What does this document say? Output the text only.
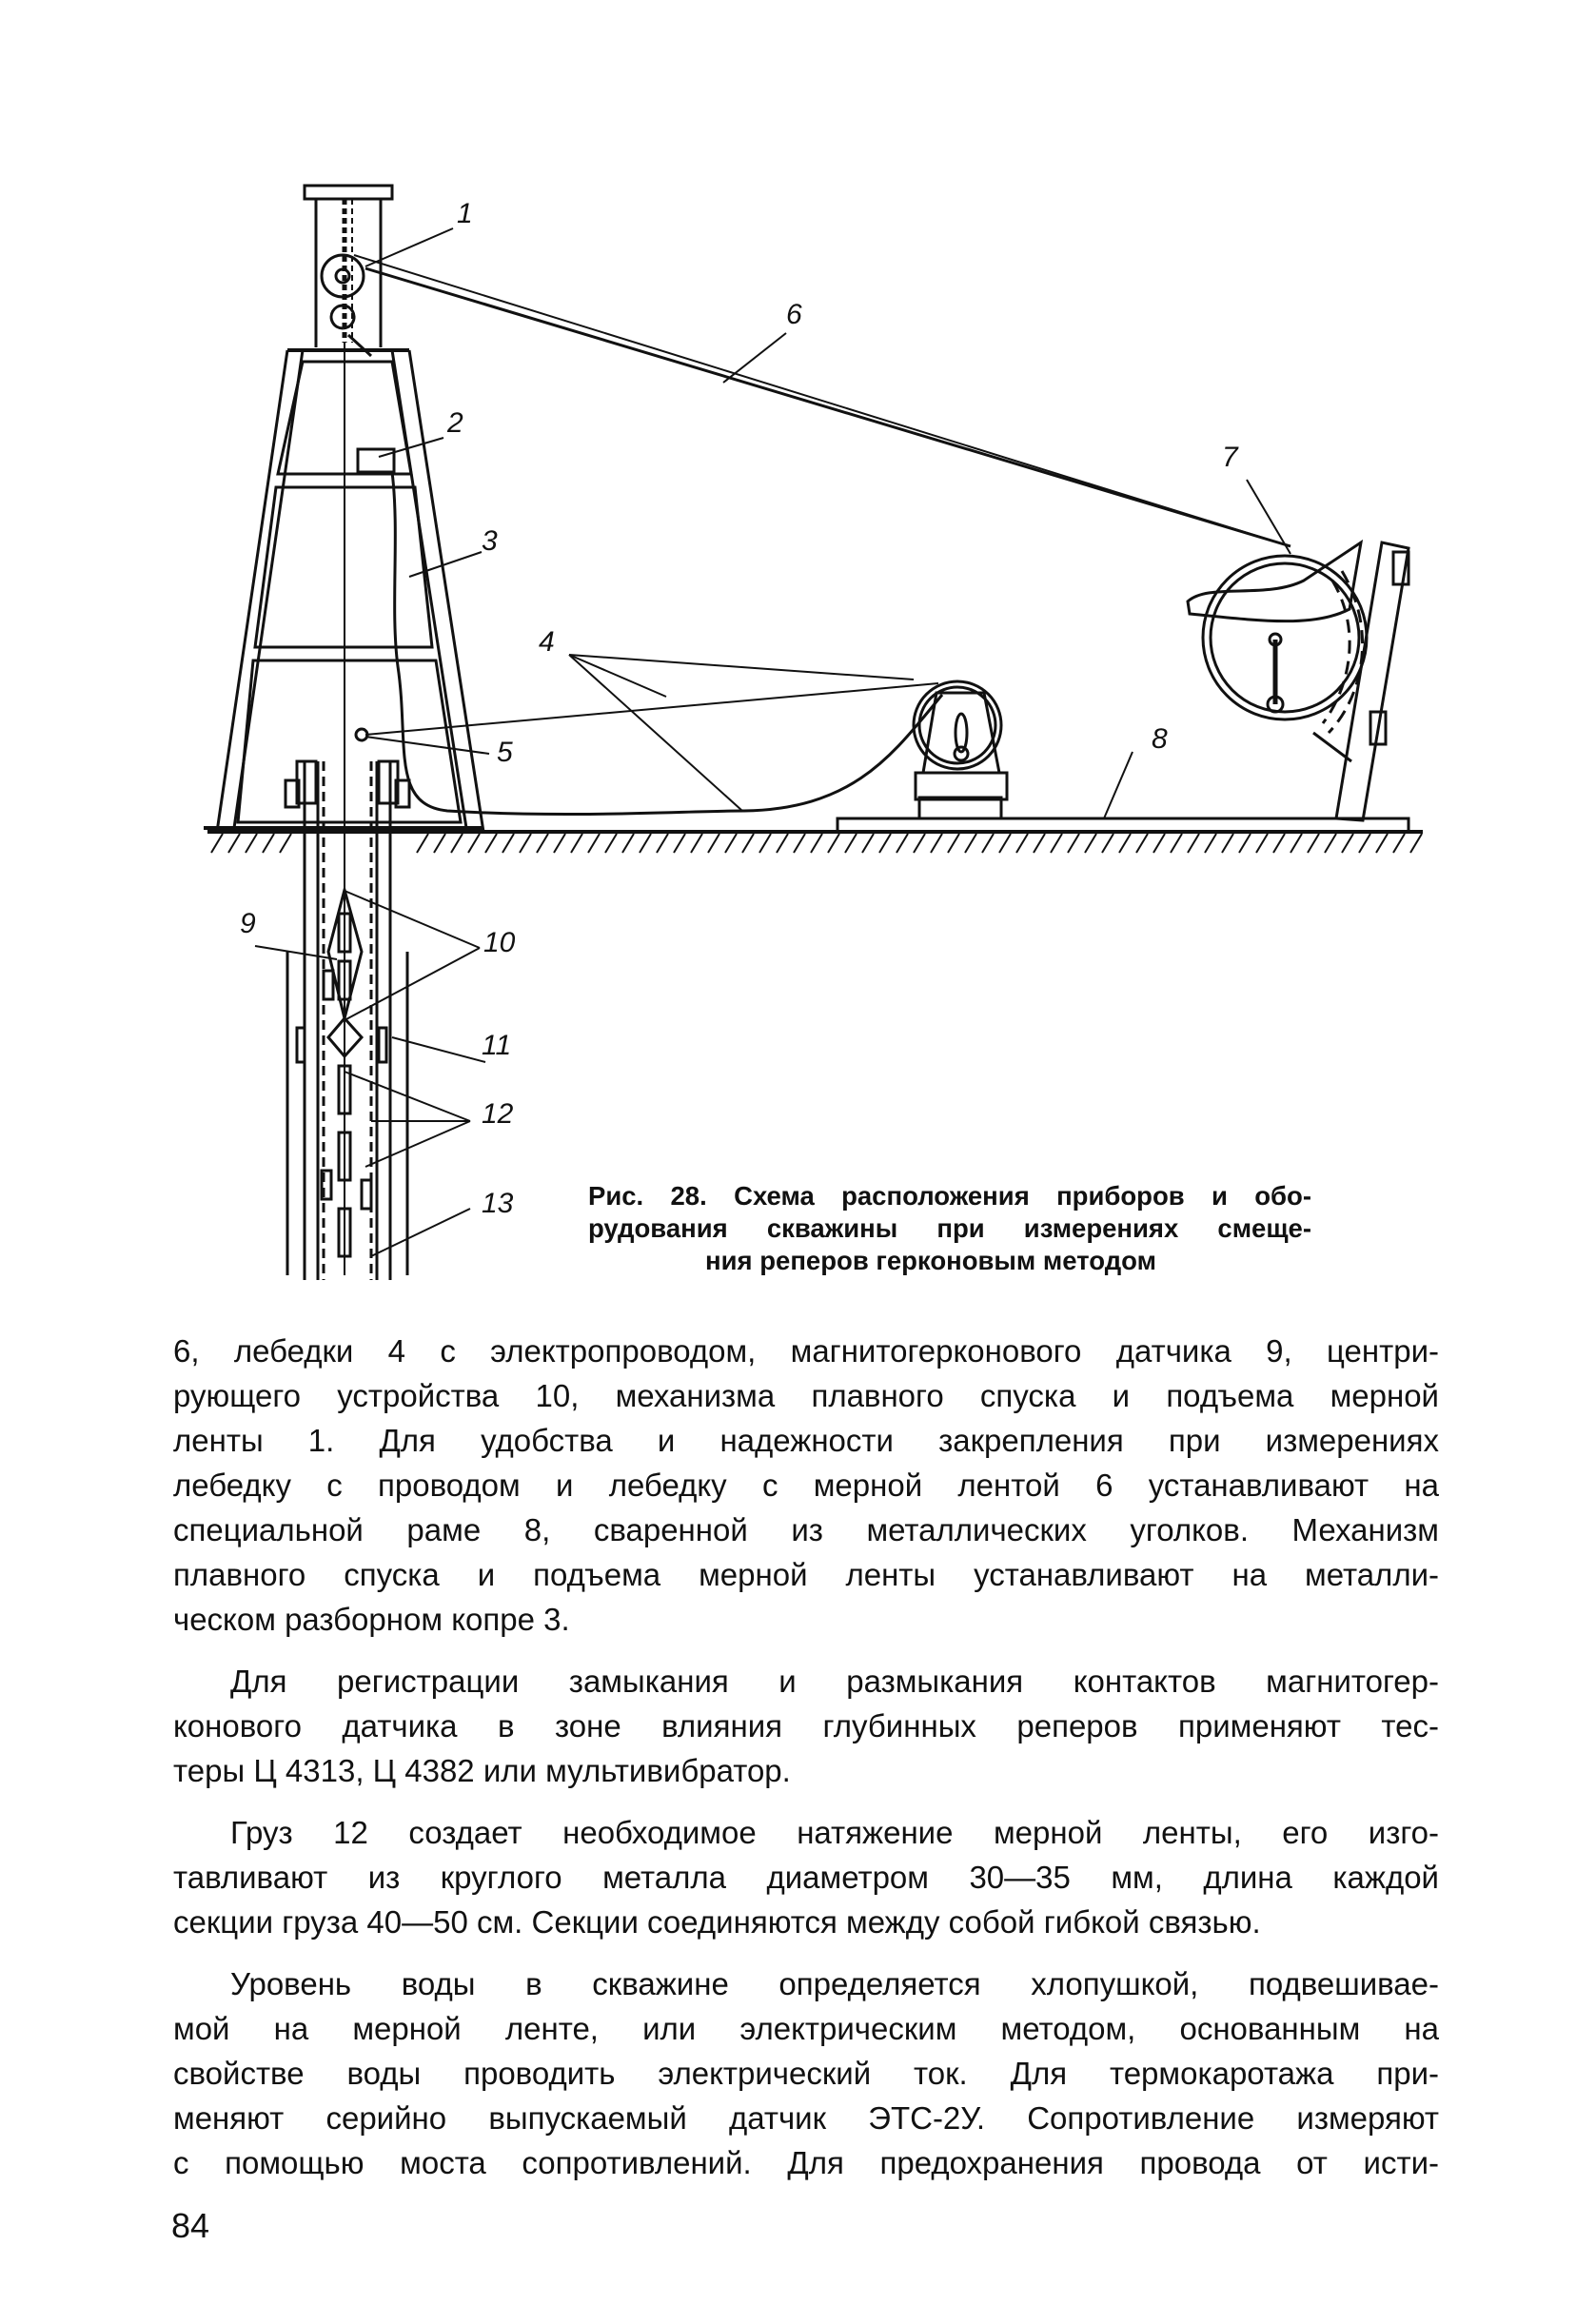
1
6
2
3
4
5
7
8
9
10
11
12
13	Рис. 28. Схема расположения приборов и обо-
рудования скважины при измерениях смеще-
ния реперов герконовым методом
6, лебедки 4 с электропроводом, магнитогерконового датчика 9, центри-
рующего устройства 10, механизма плавного спуска и подъема мерной
ленты 1. Для удобства и надежности закрепления при измерениях
лебедку с проводом и лебедку с мерной лентой 6 устанавливают на
специальной раме 8, сваренной из металлических уголков. Механизм
плавного спуска и подъема мерной ленты устанавливают на металли-
ческом разборном копре 3.
Для регистрации замыкания и размыкания контактов магнитогер-
конового датчика в зоне влияния глубинных реперов применяют тес-
теры Ц 4313, Ц 4382 или мультивибратор.
Груз 12 создает необходимое натяжение мерной ленты, его изго-
тавливают из круглого металла диаметром 30—35 мм, длина каждой
секции груза 40—50 см. Секции соединяются между собой гибкой связью.
Уровень воды в скважине определяется хлопушкой, подвешивае-
мой на мерной ленте, или электрическим методом, основанным на
свойстве воды проводить электрический ток. Для термокаротажа при-
меняют серийно выпускаемый датчик ЭТС-2У. Сопротивление измеряют
с помощью моста сопротивлений. Для предохранения провода от исти-
84
